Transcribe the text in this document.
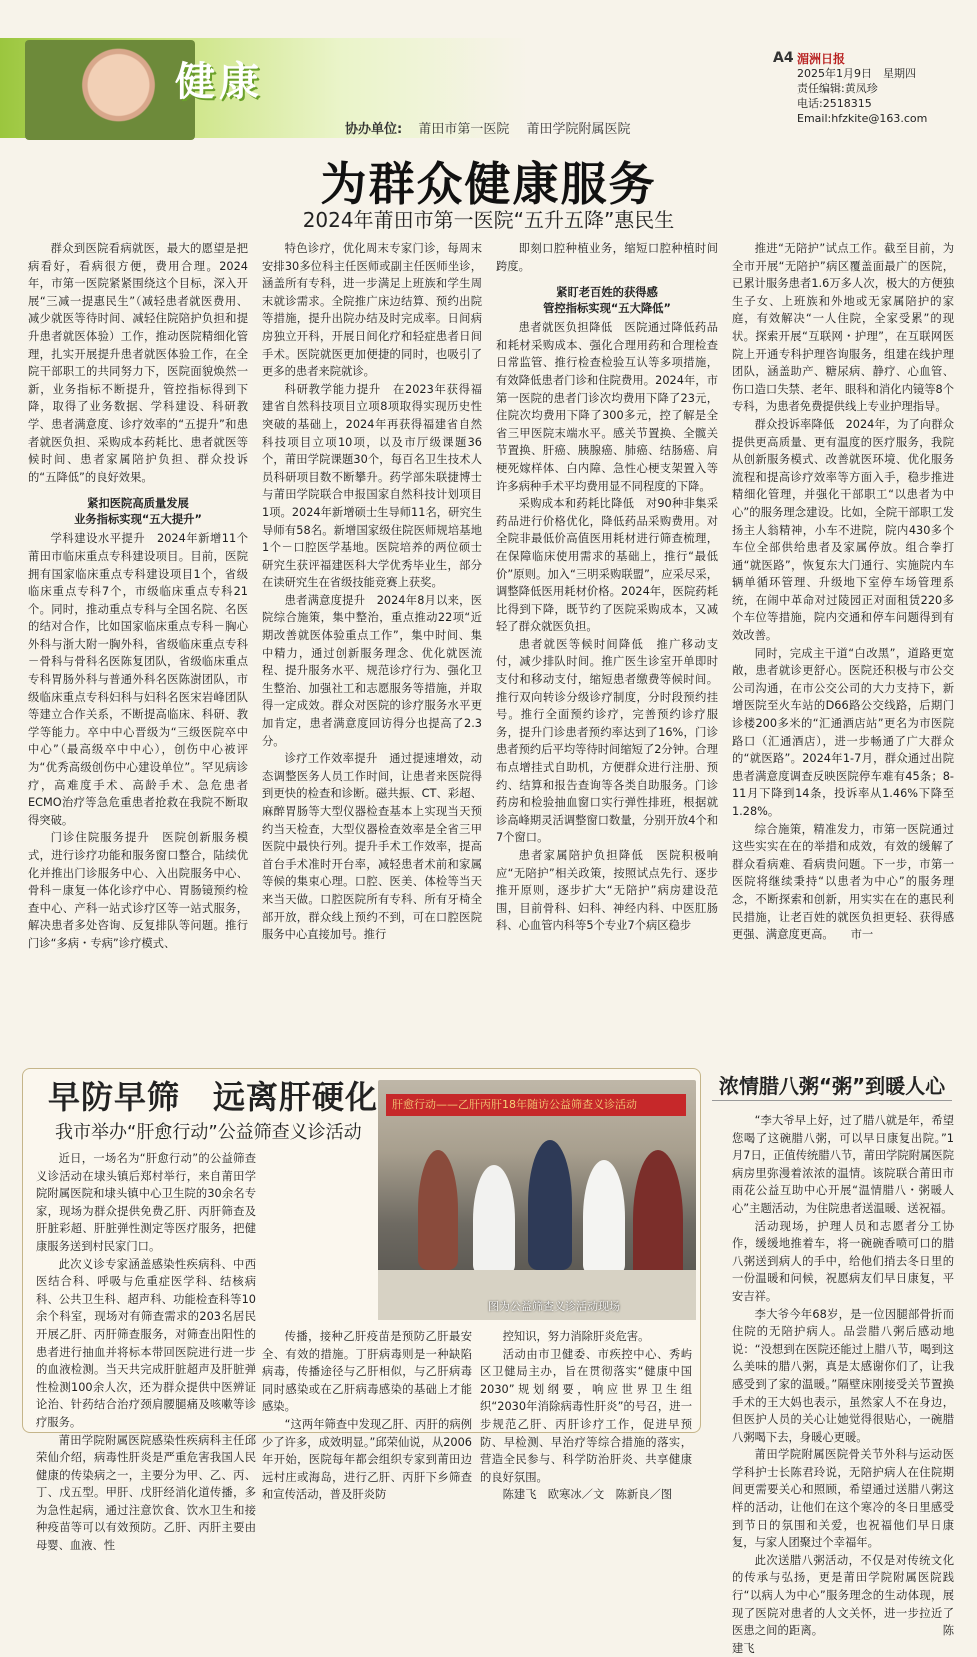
健康
协办单位: 莆田市第一医院　 莆田学院附属医院
A4 湄洲日报
2025年1月9日　星期四
责任编辑:黄凤珍
电话:2518315
Email:hfzkite@163.com
为群众健康服务
2024年莆田市第一医院“五升五降”惠民生

群众到医院看病就医，最大的愿望是把病看好，看病很方便，费用合理。2024年，市第一医院紧紧围绕这个目标，深入开展“三减一提惠民生”（减轻患者就医费用、减少就医等待时间、减轻住院陪护负担和提升患者就医体验）工作，推动医院精细化管理，扎实开展提升患者就医体验工作，在全院干部职工的共同努力下，医院面貌焕然一新，业务指标不断提升，管控指标得到下降，取得了业务数据、学科建设、科研教学、患者满意度、诊疗效率的“五提升”和患者就医负担、采购成本药耗比、患者就医等候时间、患者家属陪护负担、群众投诉的“五降低”的良好效果。

紧扣医院高质量发展
业务指标实现“五大提升”

学科建设水平提升　2024年新增11个莆田市临床重点专科建设项目。目前，医院拥有国家临床重点专科建设项目1个，省级临床重点专科7个，市级临床重点专科21个。同时，推动重点专科与全国名院、名医的结对合作，比如国家临床重点专科－胸心外科与浙大附一胸外科，省级临床重点专科－骨科与骨科名医陈复团队，省级临床重点专科胃肠外科与普通外科名医陈澍团队，市级临床重点专科妇科与妇科名医宋岩峰团队等建立合作关系，不断提高临床、科研、教学等能力。卒中中心晋级为“三级医院卒中中心”（最高级卒中中心），创伤中心被评为“优秀高级创伤中心建设单位”。罕见病诊疗，高难度手术、高龄手术、急危患者ECMO治疗等急危重患者抢救在我院不断取得突破。

门诊住院服务提升　医院创新服务模式，进行诊疗功能和服务窗口整合，陆续优化并推出门诊服务中心、入出院服务中心、骨科－康复一体化诊疗中心、胃肠镜预约检查中心、产科一站式诊疗区等一站式服务，解决患者多处咨询、反复排队等问题。推行门诊“多病・专病”诊疗模式、

特色诊疗，优化周末专家门诊，每周末安排30多位科主任医师或副主任医师坐诊，涵盖所有专科，进一步满足上班族和学生周末就诊需求。全院推广床边结算、预约出院等措施，提升出院办结及时完成率。日间病房独立开科，开展日间化疗和轻症患者日间手术。医院就医更加便捷的同时，也吸引了更多的患者来院就诊。

科研教学能力提升　在2023年获得福建省自然科技项目立项8项取得实现历史性突破的基础上，2024年再获得福建省自然科技项目立项10项，以及市厅级课题36个，莆田学院课题30个，每百名卫生技术人员科研项目数不断攀升。药学部朱联捷博士与莆田学院联合申报国家自然科技计划项目1项。2024年新增硕士生导师11名，研究生导师有58名。新增国家级住院医师规培基地1个－口腔医学基地。医院培养的两位硕士研究生获评福建医科大学优秀毕业生，部分在读研究生在省级技能竞赛上获奖。

患者满意度提升　2024年8月以来，医院综合施策，集中整治，重点推动22项“近期改善就医体验重点工作”，集中时间、集中精力，通过创新服务理念、优化就医流程、提升服务水平、规范诊疗行为、强化卫生整治、加强社工和志愿服务等措施，并取得一定成效。群众对医院的诊疗服务水平更加肯定，患者满意度回访得分也提高了2.3分。

诊疗工作效率提升　通过提速增效，动态调整医务人员工作时间，让患者来医院得到更快的检查和诊断。磁共振、CT、彩超、麻醉胃肠等大型仪器检查基本上实现当天预约当天检查，大型仪器检查效率是全省三甲医院中最快行列。提升手术工作效率，提高首台手术准时开台率，减轻患者术前和家属等候的集束心理。口腔、医美、体检等当天来当天做。口腔医院所有专科、所有牙椅全部开放，群众线上预约不到，可在口腔医院服务中心直接加号。推行

即刻口腔种植业务，缩短口腔种植时间跨度。

紧盯老百姓的获得感
管控指标实现“五大降低”

患者就医负担降低　医院通过降低药品和耗材采购成本、强化合理用药和合理检查日常监管、推行检查检验互认等多项措施，有效降低患者门诊和住院费用。2024年，市第一医院的患者门诊次均费用下降了23元，住院次均费用下降了300多元，控了解是全省三甲医院末端水平。感关节置换、全髋关节置换、肝癌、胰腺癌、肺癌、结肠癌、肩梗死嫁样体、白内障、急性心梗支架置入等许多病种手术平均费用显不同程度的下降。

采购成本和药耗比降低　对90种非集采药品进行价格优化，降低药品采购费用。对全院非最低价高值医用耗材进行筛查梳理，在保障临床使用需求的基础上，推行“最低价”原则。加入“三明采购联盟”，应采尽采，调整降低医用耗材价格。2024年，医院药耗比得到下降，既节约了医院采购成本，又减轻了群众就医负担。

患者就医等候时间降低　推广移动支付，减少排队时间。推广医生诊室开单即时支付和移动支付，缩短患者缴费等候时间。推行双向转诊分级诊疗制度，分时段预约挂号。推行全面预约诊疗，完善预约诊疗服务，提升门诊患者预约率达到了16%，门诊患者预约后平均等待时间缩短了2分钟。合理布点增挂式自助机，方便群众进行注册、预约、结算和报告查询等各类自助服务。门诊药房和检验抽血窗口实行弹性排班，根据就诊高峰期灵活调整窗口数量，分别开放4个和7个窗口。

患者家属陪护负担降低　医院积极响应“无陪护”相关政策，按照试点先行、逐步推开原则，逐步扩大“无陪护”病房建设范围，目前骨科、妇科、神经内科、中医肛肠科、心血管内科等5个专业7个病区稳步

推进“无陪护”试点工作。截至目前，为全市开展“无陪护”病区覆盖面最广的医院，已累计服务患者1.6万多人次，极大的方便独生子女、上班族和外地或无家属陪护的家庭，有效解决“一人住院，全家受累”的现状。探索开展“互联网・护理”，在互联网医院上开通专科护理咨询服务，组建在线护理团队，涵盖助产、糖尿病、静疗、心血管、伤口造口失禁、老年、眼科和消化内镜等8个专科，为患者免费提供线上专业护理指导。

群众投诉率降低　2024年，为了向群众提供更高质量、更有温度的医疗服务，我院从创新服务模式、改善就医环境、优化服务流程和提高诊疗效率等方面入手，稳步推进精细化管理，并强化干部职工“以患者为中心”的服务理念建设。比如，全院干部职工发扬主人翁精神，小车不进院，院内430多个车位全部供给患者及家属停放。组合拳打通“就医路”，恢复东大门通行、实施院内车辆单循环管理、升级地下室停车场管理系统，在闹中革命对过陵园正对面租赁220多个车位等措施，院内交通和停车问题得到有效改善。

同时，完成主干道“白改黑”，道路更宽敞，患者就诊更舒心。医院还积极与市公交公司沟通，在市公交公司的大力支持下，新增医院至火车站的D66路公交线路，后期门诊楼200多米的“汇通酒店站”更名为市医院路口（汇通酒店），进一步畅通了广大群众的“就医路”。2024年1-7月，群众通过出院患者满意度调查反映医院停车难有45条；8-11月下降到14条，投诉率从1.46%下降至1.28%。

综合施策，精准发力，市第一医院通过这些实实在在的举措和成效，有效的缓解了群众看病难、看病贵问题。下一步，市第一医院将继续秉持“以患者为中心”的服务理念，不断探索和创新，用实实在在的惠民利民措施，让老百姓的就医负担更轻、获得感更强、满意度更高。　　市一

早防早筛　远离肝硬化
我市举办“肝愈行动”公益筛查义诊活动
肝愈行动——乙肝丙肝18年随访公益筛查义诊活动
图为公益筛查义诊活动现场

近日，一场名为“肝愈行动”的公益筛查义诊活动在埭头镇后郑村举行，来自莆田学院附属医院和埭头镇中心卫生院的30余名专家，现场为群众提供免费乙肝、丙肝筛查及肝脏彩超、肝脏弹性测定等医疗服务，把健康服务送到村民家门口。

此次义诊专家涵盖感染性疾病科、中西医结合科、呼吸与危重症医学科、结核病科、公共卫生科、超声科、功能检查科等10余个科室，现场对有筛查需求的203名居民开展乙肝、丙肝筛查服务，对筛查出阳性的患者进行抽血并将标本带回医院进行进一步的血液检测。当天共完成肝脏超声及肝脏弹性检测100余人次，还为群众提供中医辨证论治、针药结合治疗颈肩腰腿痛及咳嗽等诊疗服务。

莆田学院附属医院感染性疾病科主任邱荣仙介绍，病毒性肝炎是严重危害我国人民健康的传染病之一，主要分为甲、乙、丙、丁、戊五型。甲肝、戊肝经消化道传播，多为急性起病，通过注意饮食、饮水卫生和接种疫苗等可以有效预防。乙肝、丙肝主要由母婴、血液、性

传播，接种乙肝疫苗是预防乙肝最安全、有效的措施。丁肝病毒则是一种缺陷病毒，传播途径与乙肝相似，与乙肝病毒同时感染或在乙肝病毒感染的基础上才能感染。

“这两年筛查中发现乙肝、丙肝的病例少了许多，成效明显。”邱荣仙说，从2006年开始，医院每年都会组织专家到莆田边远村庄或海岛，进行乙肝、丙肝下乡筛查和宣传活动，普及肝炎防

控知识，努力消除肝炎危害。

活动由市卫健委、市疾控中心、秀屿区卫健局主办，旨在贯彻落实“健康中国2030”规划纲要，响应世界卫生组织“2030年消除病毒性肝炎”的号召，进一步规范乙肝、丙肝诊疗工作，促进早预防、早检测、早治疗等综合措施的落实，营造全民参与、科学防治肝炎、共享健康的良好氛围。

陈建飞　欧寒冰／文　陈新良／图

浓情腊八粥“粥”到暖人心

“李大爷早上好，过了腊八就是年，希望您喝了这碗腊八粥，可以早日康复出院。”1月7日，正值传统腊八节，莆田学院附属医院病房里弥漫着浓浓的温情。该院联合莆田市雨花公益互助中心开展“温情腊八・粥暖人心”主题活动，为住院患者送温暖、送祝福。

活动现场，护理人员和志愿者分工协作，缓缓地推着车，将一碗碗香喷可口的腊八粥送到病人的手中，给他们捎去冬日里的一份温暖和问候，祝愿病友们早日康复，平安吉祥。

李大爷今年68岁，是一位因腿部骨折而住院的无陪护病人。品尝腊八粥后感动地说：“没想到在医院还能过上腊八节，喝到这么美味的腊八粥，真是太感谢你们了，让我感受到了家的温暖。”隔壁床刚接受关节置换手术的王大妈也表示，虽然家人不在身边，但医护人员的关心让她觉得很贴心，一碗腊八粥喝下去，身暖心更暖。

莆田学院附属医院骨关节外科与运动医学科护士长陈君玲说，无陪护病人在住院期间更需要关心和照顾，希望通过送腊八粥这样的活动，让他们在这个寒冷的冬日里感受到节日的氛围和关爱，也祝福他们早日康复，与家人团聚过个幸福年。

此次送腊八粥活动，不仅是对传统文化的传承与弘扬，更是莆田学院附属医院践行“以病人为中心”服务理念的生动体现，展现了医院对患者的人文关怀，进一步拉近了医患之间的距离。　　　　　　　　　　　陈建飞
